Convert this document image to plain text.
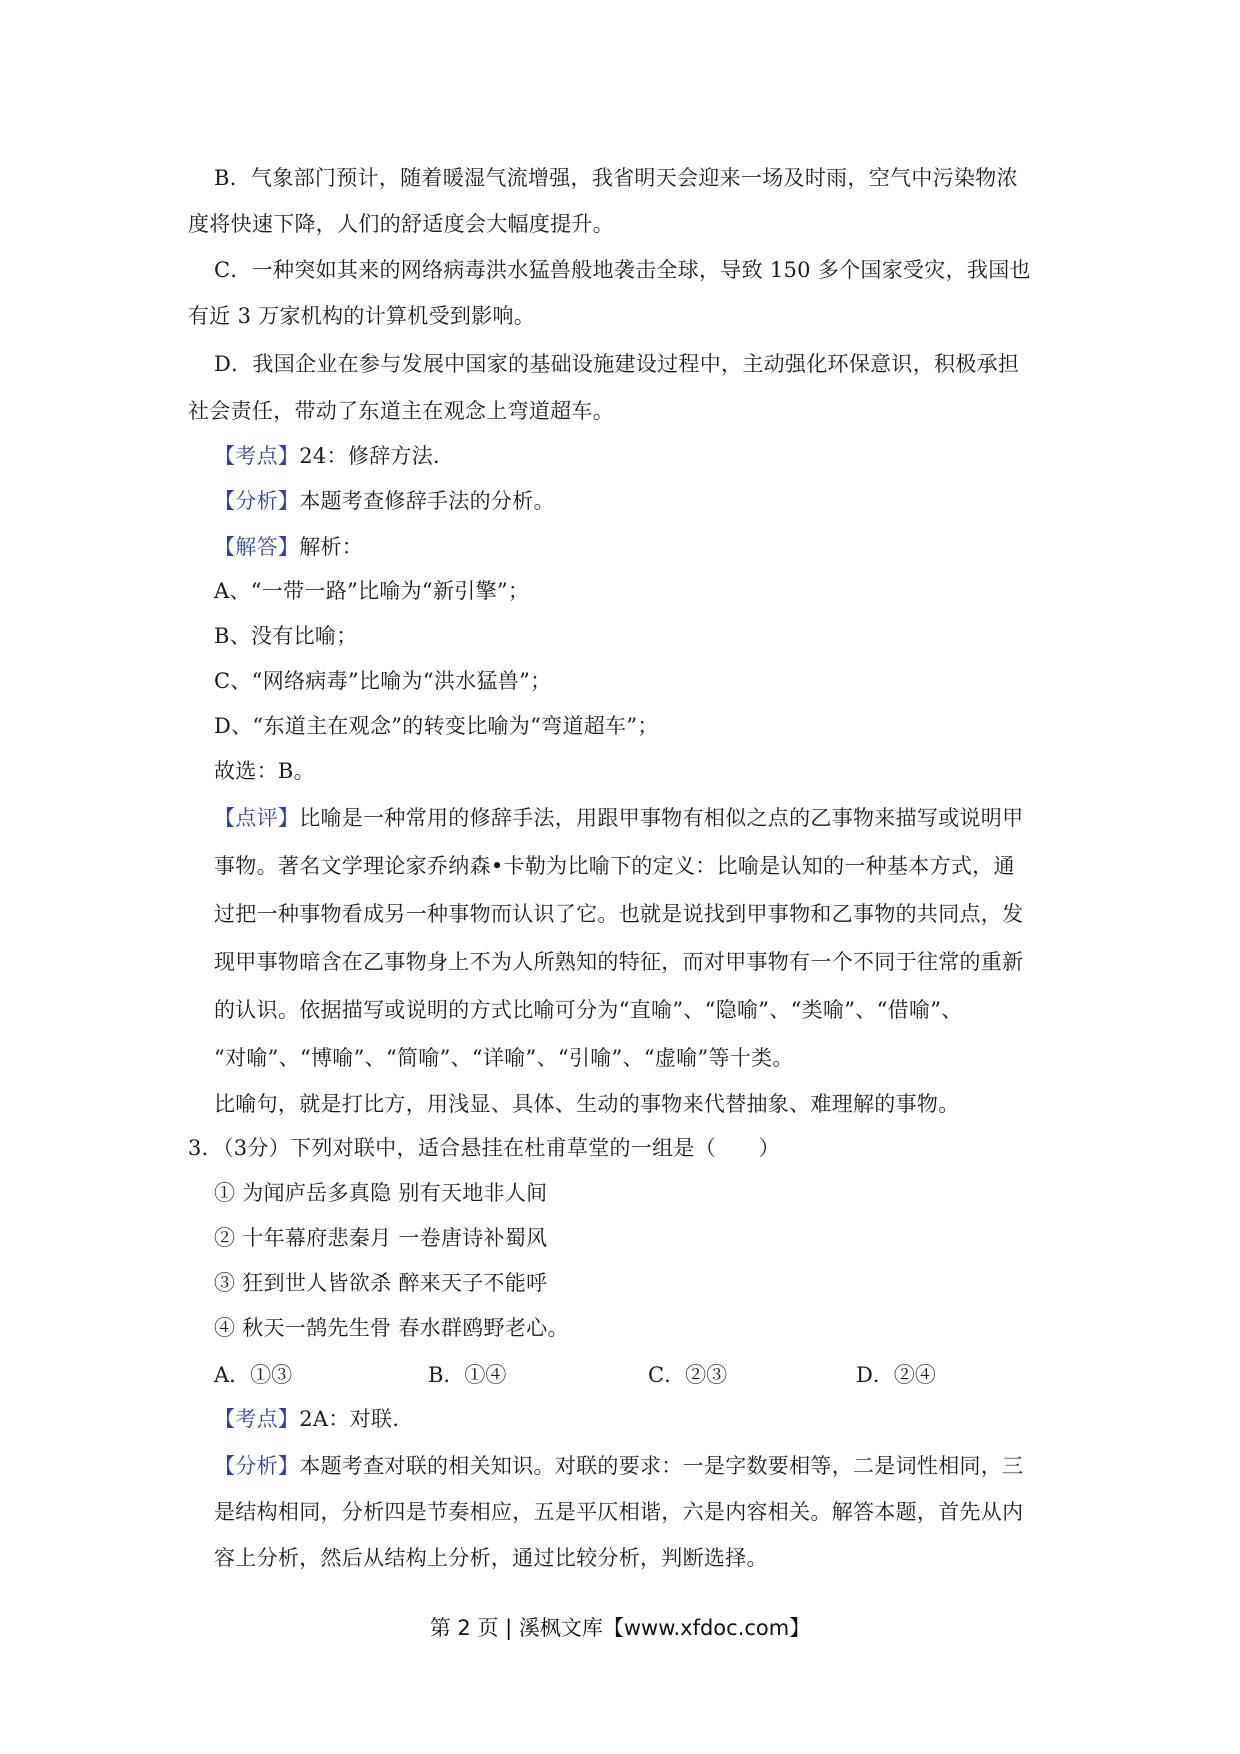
B．气象部门预计，随着暖湿气流增强，我省明天会迎来一场及时雨，空气中污染物浓
度将快速下降，人们的舒适度会大幅度提升。
C．一种突如其来的网络病毒洪水猛兽般地袭击全球，导致 150 多个国家受灾，我国也
有近 3 万家机构的计算机受到影响。
D．我国企业在参与发展中国家的基础设施建设过程中，主动强化环保意识，积极承担
社会责任，带动了东道主在观念上弯道超车。
【考点】24：修辞方法.
【分析】本题考查修辞手法的分析。
【解答】解析：
A、“一带一路”比喻为“新引擎”；
B、没有比喻；
C、“网络病毒”比喻为“洪水猛兽”；
D、“东道主在观念”的转变比喻为“弯道超车”；
故选：B。
【点评】比喻是一种常用的修辞手法，用跟甲事物有相似之点的乙事物来描写或说明甲
事物。著名文学理论家乔纳森•卡勒为比喻下的定义：比喻是认知的一种基本方式，通
过把一种事物看成另一种事物而认识了它。也就是说找到甲事物和乙事物的共同点，发
现甲事物暗含在乙事物身上不为人所熟知的特征，而对甲事物有一个不同于往常的重新
的认识。依据描写或说明的方式比喻可分为“直喻”、“隐喻”、“类喻”、“借喻”、
“对喻”、“博喻”、“简喻”、“详喻”、“引喻”、“虚喻”等十类。
比喻句，就是打比方，用浅显、具体、生动的事物来代替抽象、难理解的事物。
3．（3分）下列对联中，适合悬挂在杜甫草堂的一组是（　　）
① 为闻庐岳多真隐 别有天地非人间
② 十年幕府悲秦月 一卷唐诗补蜀风
③ 狂到世人皆欲杀 醉来天子不能呼
④ 秋天一鹄先生骨 春水群鸥野老心。
A．①③	B．①④	C．②③	D．②④
【考点】2A：对联.
【分析】本题考查对联的相关知识。对联的要求：一是字数要相等，二是词性相同，三
是结构相同，分析四是节奏相应，五是平仄相谐，六是内容相关。解答本题，首先从内
容上分析，然后从结构上分析，通过比较分析，判断选择。
第 2 页 | 溪枫文库【www.xfdoc.com】
